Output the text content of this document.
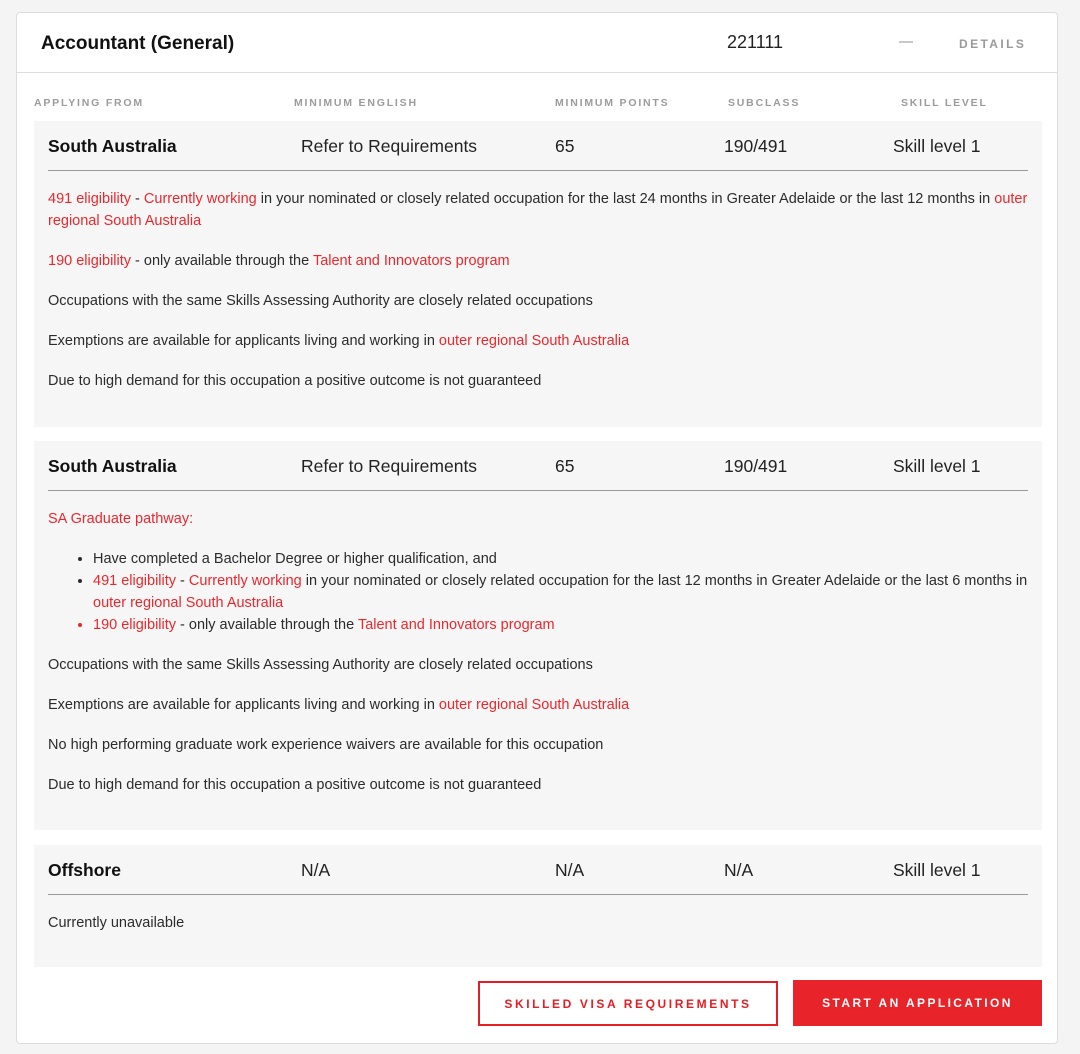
Accountant (General)	221111	DETAILS
APPLYING FROM	MINIMUM ENGLISH	MINIMUM POINTS	SUBCLASS	SKILL LEVEL
South Australia	Refer to Requirements	65	190/491	Skill level 1

491 eligibility - Currently working in your nominated or closely related occupation for the last 24 months in Greater Adelaide or the last 12 months in outer regional South Australia

190 eligibility - only available through the Talent and Innovators program

Occupations with the same Skills Assessing Authority are closely related occupations

Exemptions are available for applicants living and working in outer regional South Australia

Due to high demand for this occupation a positive outcome is not guaranteed

South Australia	Refer to Requirements	65	190/491	Skill level 1

SA Graduate pathway:

• Have completed a Bachelor Degree or higher qualification, and
• 491 eligibility - Currently working in your nominated or closely related occupation for the last 12 months in Greater Adelaide or the last 6 months in outer regional South Australia
• 190 eligibility - only available through the Talent and Innovators program

Occupations with the same Skills Assessing Authority are closely related occupations

Exemptions are available for applicants living and working in outer regional South Australia

No high performing graduate work experience waivers are available for this occupation

Due to high demand for this occupation a positive outcome is not guaranteed

Offshore	N/A	N/A	N/A	Skill level 1

Currently unavailable

SKILLED VISA REQUIREMENTS	START AN APPLICATION
